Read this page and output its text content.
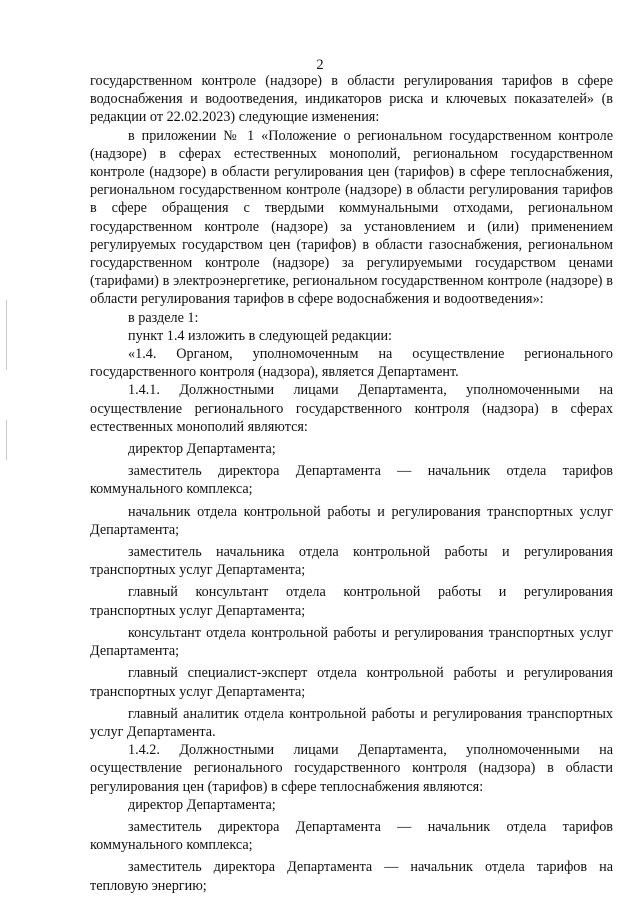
2

государственном контроле (надзоре) в области регулирования тарифов в сфере водоснабжения и водоотведения, индикаторов риска и ключевых показателей» (в редакции от 22.02.2023) следующие изменения:

в приложении № 1 «Положение о региональном государственном контроле (надзоре) в сферах естественных монополий, региональном государственном контроле (надзоре) в области регулирования цен (тарифов) в сфере теплоснабжения, региональном государственном контроле (надзоре) в области регулирования тарифов в сфере обращения с твердыми коммунальными отходами, региональном государственном контроле (надзоре) за установлением и (или) применением регулируемых государством цен (тарифов) в области газоснабжения, региональном государственном контроле (надзоре) за регулируемыми государством ценами (тарифами) в электроэнергетике, региональном государственном контроле (надзоре) в области регулирования тарифов в сфере водоснабжения и водоотведения»:

в разделе 1:

пункт 1.4 изложить в следующей редакции:

«1.4. Органом, уполномоченным на осуществление регионального государственного контроля (надзора), является Департамент.

1.4.1. Должностными лицами Департамента, уполномоченными на осуществление регионального государственного контроля (надзора) в сферах естественных монополий являются:

директор Департамента;

заместитель директора Департамента — начальник отдела тарифов коммунального комплекса;

начальник отдела контрольной работы и регулирования транспортных услуг Департамента;

заместитель начальника отдела контрольной работы и регулирования транспортных услуг Департамента;

главный консультант отдела контрольной работы и регулирования транспортных услуг Департамента;

консультант отдела контрольной работы и регулирования транспортных услуг Департамента;

главный специалист-эксперт отдела контрольной работы и регулирования транспортных услуг Департамента;

главный аналитик отдела контрольной работы и регулирования транспортных услуг Департамента.

1.4.2. Должностными лицами Департамента, уполномоченными на осуществление регионального государственного контроля (надзора) в области регулирования цен (тарифов) в сфере теплоснабжения являются:

директор Департамента;

заместитель директора Департамента — начальник отдела тарифов коммунального комплекса;

заместитель директора Департамента — начальник отдела тарифов на тепловую энергию;
